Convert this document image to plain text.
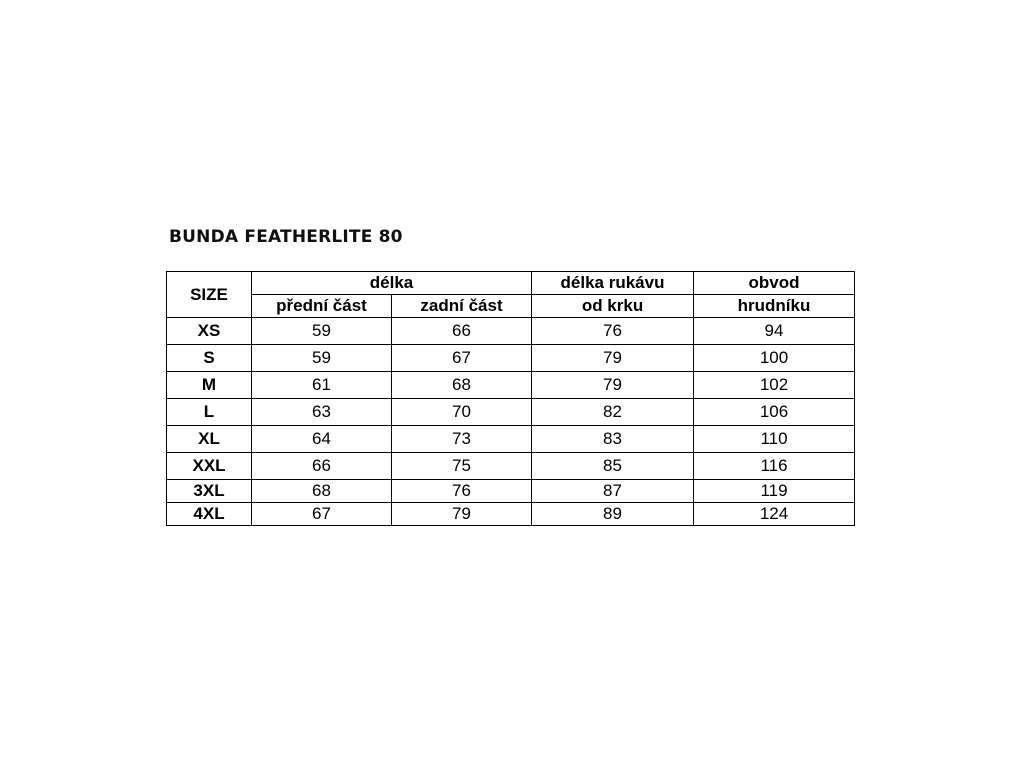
BUNDA FEATHERLITE 80
SIZE	délka		délka rukávu	obvod
	přední část	zadní část	od krku	hrudníku
XS	59	66	76	94
S	59	67	79	100
M	61	68	79	102
L	63	70	82	106
XL	64	73	83	110
XXL	66	75	85	116
3XL	68	76	87	119
4XL	67	79	89	124
